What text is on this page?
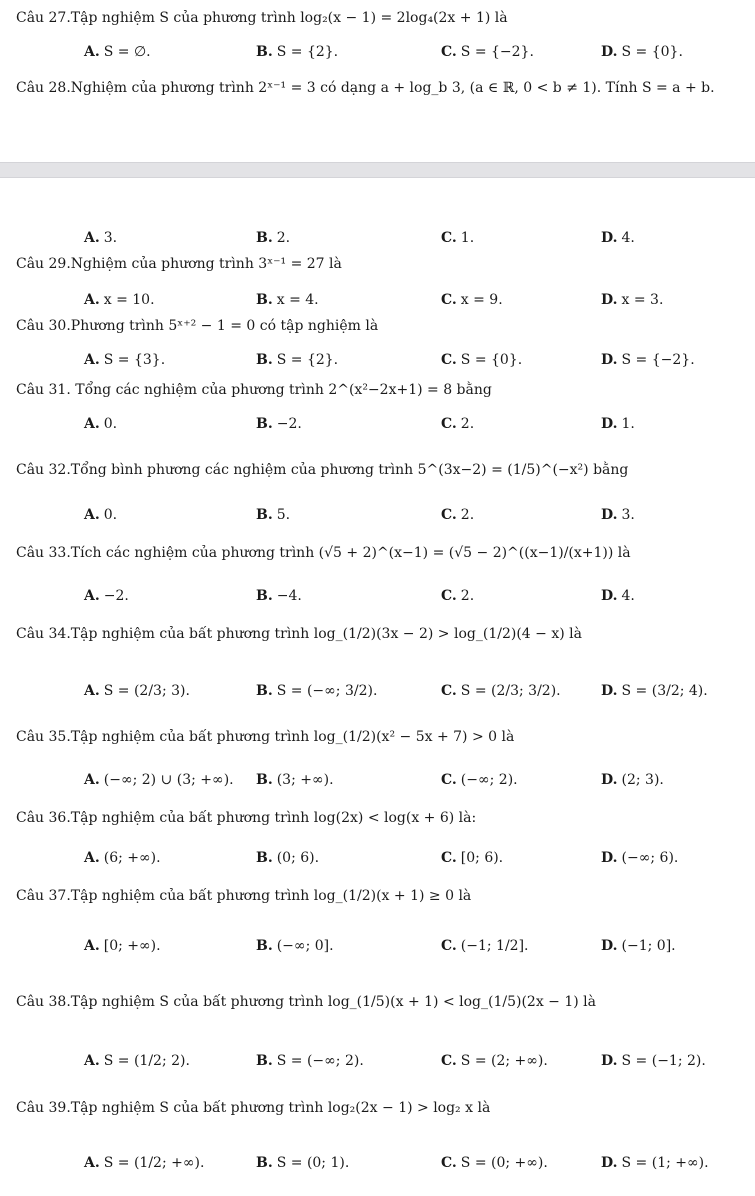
Câu 27.Tập nghiệm S của phương trình log₂(x − 1) = 2log₄(2x + 1) là
A. S = ∅.	B. S = {2}.	C. S = {−2}.	D. S = {0}.
Câu 28.Nghiệm của phương trình 2ˣ⁻¹ = 3 có dạng a + log_b 3, (a ∈ ℝ, 0 < b ≠ 1). Tính S = a + b.
A. 3.	B. 2.	C. 1.	D. 4.
Câu 29.Nghiệm của phương trình 3ˣ⁻¹ = 27 là
A. x = 10.	B. x = 4.	C. x = 9.	D. x = 3.
Câu 30.Phương trình 5ˣ⁺² − 1 = 0 có tập nghiệm là
A. S = {3}.	B. S = {2}.	C. S = {0}.	D. S = {−2}.
Câu 31. Tổng các nghiệm của phương trình 2^(x²−2x+1) = 8 bằng
A. 0.	B. −2.	C. 2.	D. 1.
Câu 32.Tổng bình phương các nghiệm của phương trình 5^(3x−2) = (1/5)^(−x²) bằng
A. 0.	B. 5.	C. 2.	D. 3.
Câu 33.Tích các nghiệm của phương trình (√5 + 2)^(x−1) = (√5 − 2)^((x−1)/(x+1)) là
A. −2.	B. −4.	C. 2.	D. 4.
Câu 34.Tập nghiệm của bất phương trình log_(1/2)(3x − 2) > log_(1/2)(4 − x) là
A. S = (2/3; 3).	B. S = (−∞; 3/2).	C. S = (2/3; 3/2).	D. S = (3/2; 4).
Câu 35.Tập nghiệm của bất phương trình log_(1/2)(x² − 5x + 7) > 0 là
A. (−∞; 2) ∪ (3; +∞). B. (3; +∞).	C. (−∞; 2).	D. (2; 3).
Câu 36.Tập nghiệm của bất phương trình log(2x) < log(x + 6) là:
A. (6; +∞).	B. (0; 6).	C. [0; 6).	D. (−∞; 6).
Câu 37.Tập nghiệm của bất phương trình log_(1/2)(x + 1) ≥ 0 là
A. [0; +∞).	B. (−∞; 0].	C. (−1; 1/2].	D. (−1; 0].
Câu 38.Tập nghiệm S của bất phương trình log_(1/5)(x + 1) < log_(1/5)(2x − 1) là
A. S = (1/2; 2).	B. S = (−∞; 2).	C. S = (2; +∞).	D. S = (−1; 2).
Câu 39.Tập nghiệm S của bất phương trình log₂(2x − 1) > log₂ x là
A. S = (1/2; +∞).	B. S = (0; 1).	C. S = (0; +∞).	D. S = (1; +∞).
